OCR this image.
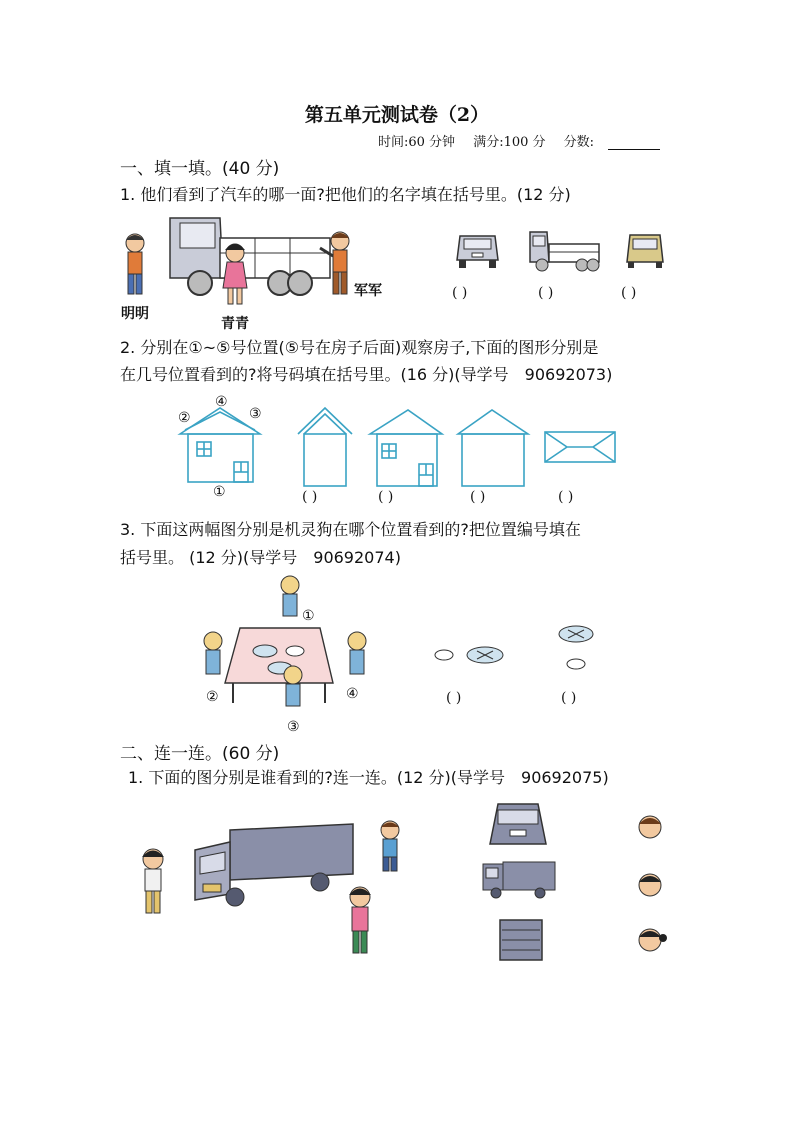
第五单元测试卷（2）
时间:60 分钟 满分:100 分 分数:
一、填一填。(40 分)
1. 他们看到了汽车的哪一面?把他们的名字填在括号里。(12 分)
明明
青青
军军	( )	( )	( )
2. 分别在①~⑤号位置(⑤号在房子后面)观察房子,下面的图形分别是
在几号位置看到的?将号码填在括号里。(16 分)(导学号　90692073)
④
②	③
①	( )	( )	( )	( )
3. 下面这两幅图分别是机灵狗在哪个位置看到的?把位置编号填在
括号里。 (12 分)(导学号　90692074)
①
②
③
④	( )	( )
二、连一连。(60 分)
1. 下面的图分别是谁看到的?连一连。(12 分)(导学号　90692075)
